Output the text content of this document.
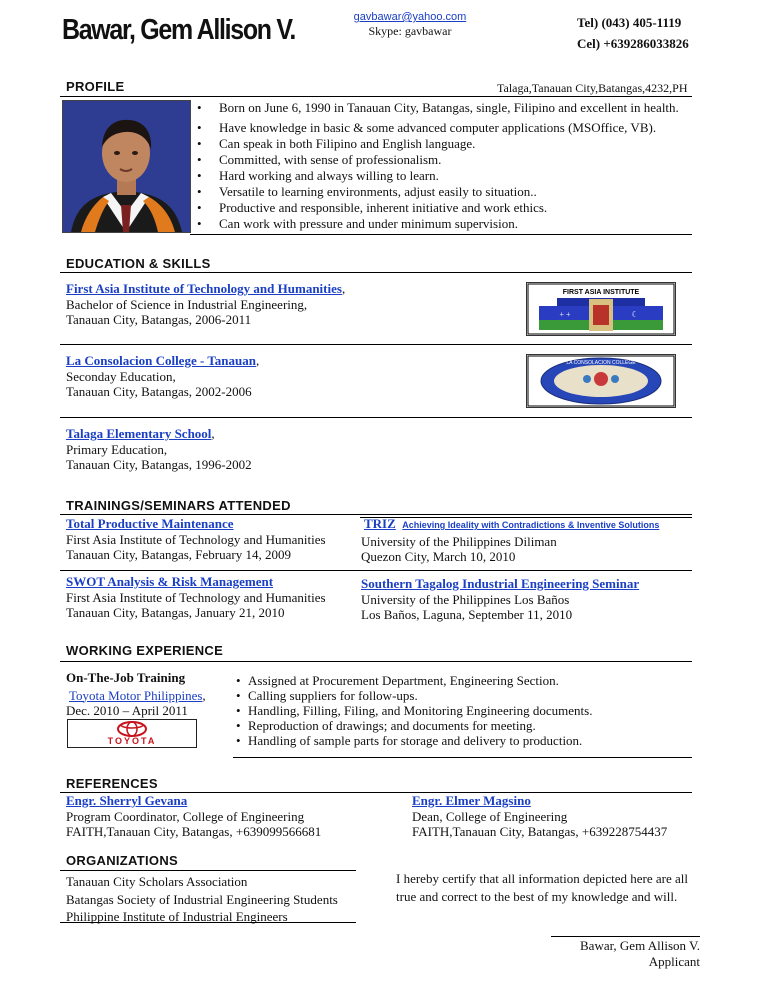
Bawar, Gem Allison V.	gavbawar@yahoo.com
Skype: gavbawar
Tel) (043) 405-1119
Cel) +639286033826
PROFILE	Talaga,Tanauan City,Batangas,4232,PH
• Born on June 6, 1990 in Tanauan City, Batangas, single, Filipino and excellent in health.
• Have knowledge in basic & some advanced computer applications (MSOffice, VB).
• Can speak in both Filipino and English language.
• Committed, with sense of professionalism.
• Hard working and always willing to learn.
• Versatile to learning environments, adjust easily to situation..
• Productive and responsible, inherent initiative and work ethics.
• Can work with pressure and under minimum supervision.
EDUCATION & SKILLS
First Asia Institute of Technology and Humanities,
Bachelor of Science in Industrial Engineering,
Tanauan City, Batangas, 2006-2011
FIRST ASIA INSTITUTE
+ +	☾
La Consolacion College - Tanauan,
Seconday Education,
Tanauan City, Batangas, 2002-2006
LA CONSOLACION COLLEGE
Talaga Elementary School,
Primary Education,
Tanauan City, Batangas, 1996-2002
TRAININGS/SEMINARS ATTENDED
Total Productive Maintenance
First Asia Institute of Technology and Humanities
Tanauan City, Batangas, February 14, 2009
TRIZ Achieving Ideality with Contradictions & Inventive Solutions
University of the Philippines Diliman
Quezon City, March 10, 2010
SWOT Analysis & Risk Management
First Asia Institute of Technology and Humanities
Tanauan City, Batangas, January 21, 2010
Southern Tagalog Industrial Engineering Seminar
University of the Philippines Los Baños
Los Baños, Laguna, September 11, 2010
WORKING EXPERIENCE
On-The-Job Training
Toyota Motor Philippines,
Dec. 2010 – April 2011
TOYOTA
• Assigned at Procurement Department, Engineering Section.
• Calling suppliers for follow-ups.
• Handling, Filling, Filing, and Monitoring Engineering documents.
• Reproduction of drawings; and documents for meeting.
• Handling of sample parts for storage and delivery to production.
REFERENCES
Engr. Sherryl Gevana
Program Coordinator, College of Engineering
FAITH,Tanauan City, Batangas, +639099566681
Engr. Elmer Magsino
Dean, College of Engineering
FAITH,Tanauan City, Batangas, +639228754437
ORGANIZATIONS
Tanauan City Scholars Association
Batangas Society of Industrial Engineering Students
Philippine Institute of Industrial Engineers
I hereby certify that all information depicted here are all
true and correct to the best of my knowledge and will.
Bawar, Gem Allison V.
Applicant
